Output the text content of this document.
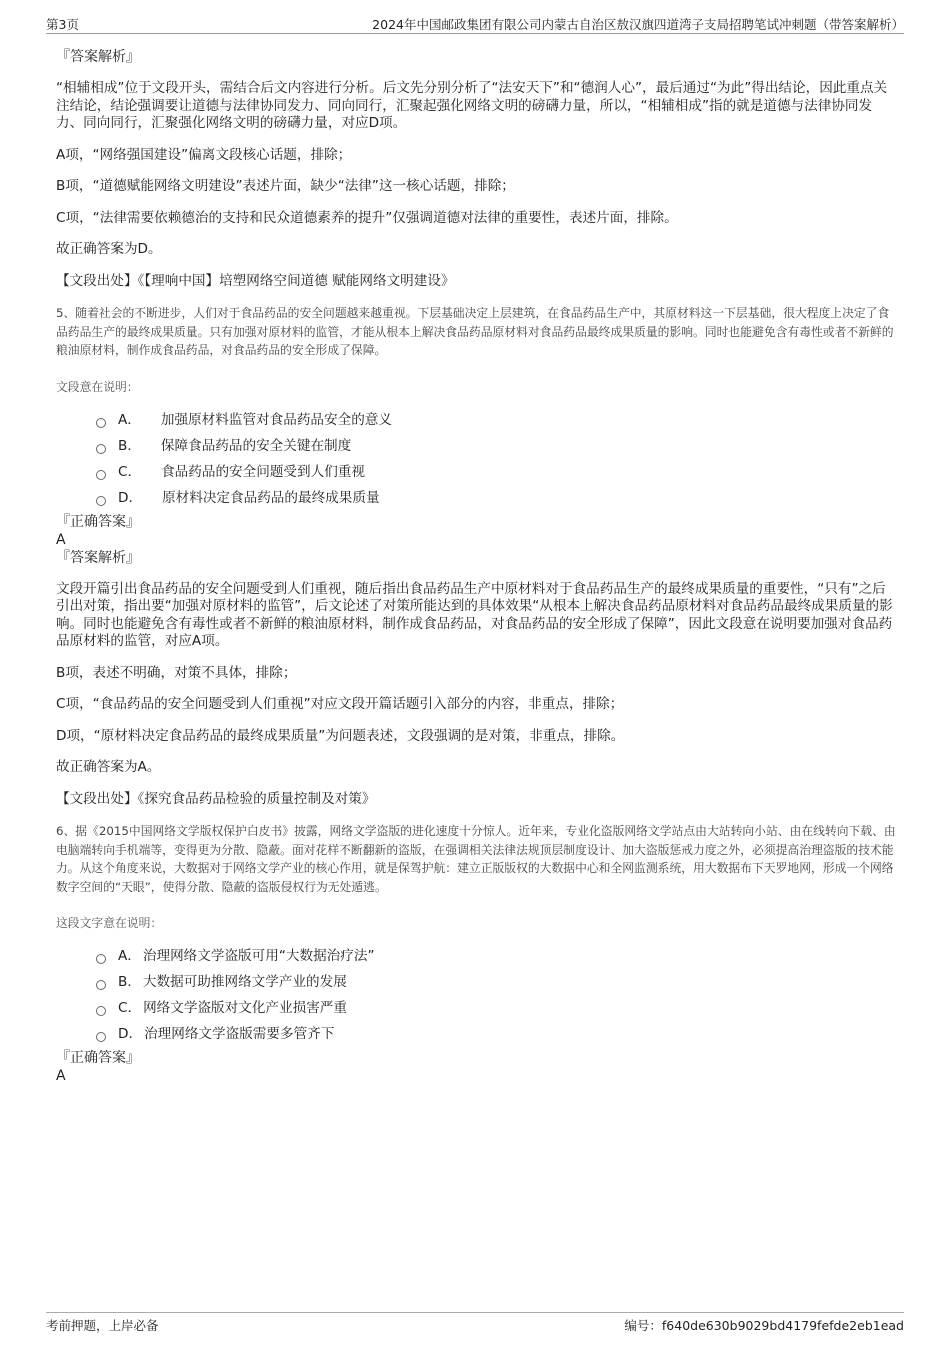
第3页	2024年中国邮政集团有限公司内蒙古自治区敖汉旗四道湾子支局招聘笔试冲刺题（带答案解析）
『答案解析』
“相辅相成”位于文段开头，需结合后文内容进行分析。后文先分别分析了“法安天下”和“德润人心”，最后通过“为此”得出结论，因此重点关注结论，结论强调要让道德与法律协同发力、同向同行，汇聚起强化网络文明的磅礴力量，所以，“相辅相成”指的就是道德与法律协同发力、同向同行，汇聚强化网络文明的磅礴力量，对应D项。
A项，“网络强国建设”偏离文段核心话题，排除；
B项，“道德赋能网络文明建设”表述片面，缺少“法律”这一核心话题，排除；
C项，“法律需要依赖德治的支持和民众道德素养的提升”仅强调道德对法律的重要性，表述片面，排除。
故正确答案为D。
【文段出处】《【理响中国】培塑网络空间道德 赋能网络文明建设》
5、随着社会的不断进步，人们对于食品药品的安全问题越来越重视。下层基础决定上层建筑，在食品药品生产中，其原材料这一下层基础，很大程度上决定了食品药品生产的最终成果质量。只有加强对原材料的监管，才能从根本上解决食品药品原材料对食品药品最终成果质量的影响。同时也能避免含有毒性或者不新鲜的粮油原材料，制作成食品药品，对食品药品的安全形成了保障。
文段意在说明：
A． 加强原材料监管对食品药品安全的意义
B． 保障食品药品的安全关键在制度
C． 食品药品的安全问题受到人们重视
D． 原材料决定食品药品的最终成果质量
『正确答案』
A
『答案解析』
文段开篇引出食品药品的安全问题受到人们重视，随后指出食品药品生产中原材料对于食品药品生产的最终成果质量的重要性，“只有”之后引出对策，指出要“加强对原材料的监管”，后文论述了对策所能达到的具体效果“从根本上解决食品药品原材料对食品药品最终成果质量的影响。同时也能避免含有毒性或者不新鲜的粮油原材料，制作成食品药品，对食品药品的安全形成了保障”，因此文段意在说明要加强对食品药品原材料的监管，对应A项。
B项，表述不明确，对策不具体，排除；
C项，“食品药品的安全问题受到人们重视”对应文段开篇话题引入部分的内容，非重点，排除；
D项，“原材料决定食品药品的最终成果质量”为问题表述，文段强调的是对策，非重点，排除。
故正确答案为A。
【文段出处】《探究食品药品检验的质量控制及对策》
6、据《2015中国网络文学版权保护白皮书》披露，网络文学盗版的进化速度十分惊人。近年来，专业化盗版网络文学站点由大站转向小站、由在线转向下载、由电脑端转向手机端等，变得更为分散、隐蔽。面对花样不断翻新的盗版，在强调相关法律法规顶层制度设计、加大盗版惩戒力度之外，必须提高治理盗版的技术能力。从这个角度来说，大数据对于网络文学产业的核心作用，就是保驾护航：建立正版版权的大数据中心和全网监测系统，用大数据布下天罗地网，形成一个网络数字空间的“天眼”，使得分散、隐蔽的盗版侵权行为无处遁逃。
这段文字意在说明：
A． 治理网络文学盗版可用“大数据治疗法”
B． 大数据可助推网络文学产业的发展
C． 网络文学盗版对文化产业损害严重
D． 治理网络文学盗版需要多管齐下
『正确答案』
A
考前押题，上岸必备	编号：f640de630b9029bd4179fefde2eb1ead
